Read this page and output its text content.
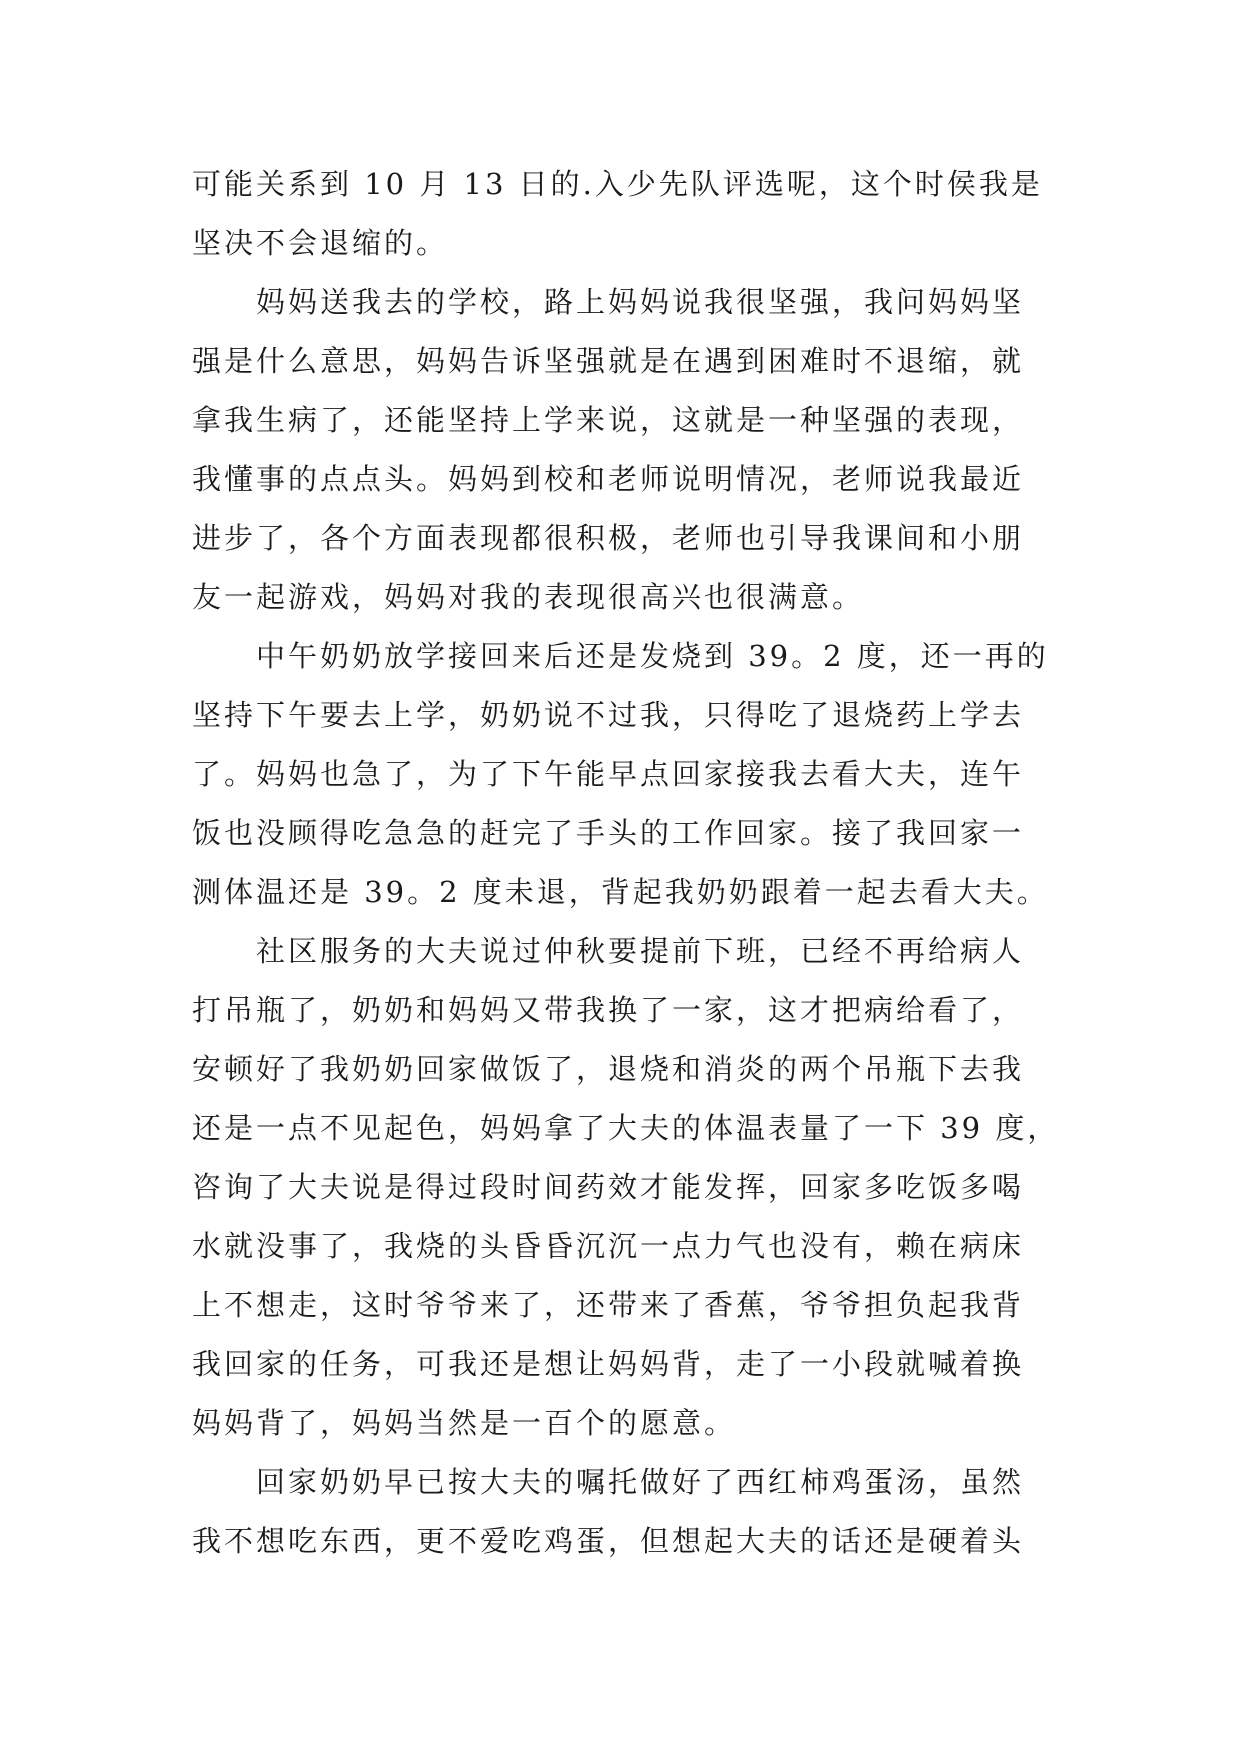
可能关系到 10 月 13 日的.入少先队评选呢，这个时侯我是
坚决不会退缩的。
妈妈送我去的学校，路上妈妈说我很坚强，我问妈妈坚
强是什么意思，妈妈告诉坚强就是在遇到困难时不退缩，就
拿我生病了，还能坚持上学来说，这就是一种坚强的表现，
我懂事的点点头。妈妈到校和老师说明情况，老师说我最近
进步了，各个方面表现都很积极，老师也引导我课间和小朋
友一起游戏，妈妈对我的表现很高兴也很满意。
中午奶奶放学接回来后还是发烧到 39。2 度，还一再的
坚持下午要去上学，奶奶说不过我，只得吃了退烧药上学去
了。妈妈也急了，为了下午能早点回家接我去看大夫，连午
饭也没顾得吃急急的赶完了手头的工作回家。接了我回家一
测体温还是 39。2 度未退，背起我奶奶跟着一起去看大夫。
社区服务的大夫说过仲秋要提前下班，已经不再给病人
打吊瓶了，奶奶和妈妈又带我换了一家，这才把病给看了，
安顿好了我奶奶回家做饭了，退烧和消炎的两个吊瓶下去我
还是一点不见起色，妈妈拿了大夫的体温表量了一下 39 度，
咨询了大夫说是得过段时间药效才能发挥，回家多吃饭多喝
水就没事了，我烧的头昏昏沉沉一点力气也没有，赖在病床
上不想走，这时爷爷来了，还带来了香蕉，爷爷担负起我背
我回家的任务，可我还是想让妈妈背，走了一小段就喊着换
妈妈背了，妈妈当然是一百个的愿意。
回家奶奶早已按大夫的嘱托做好了西红柿鸡蛋汤，虽然
我不想吃东西，更不爱吃鸡蛋，但想起大夫的话还是硬着头
